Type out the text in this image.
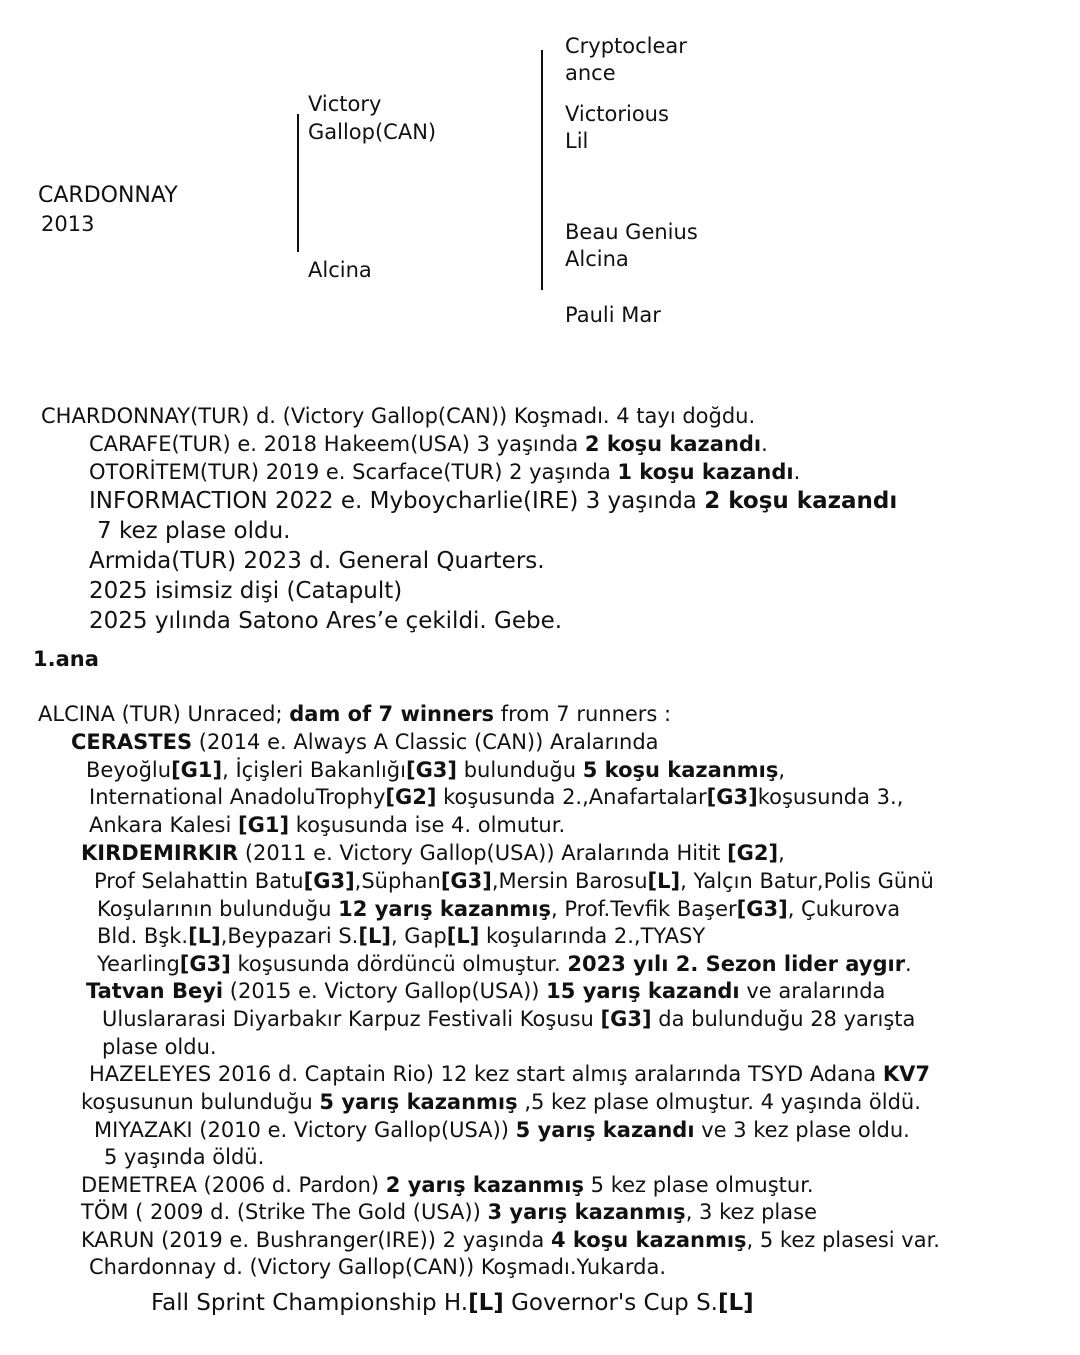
CARDONNAY
2013
Victory
Gallop(CAN)
Alcina
Cryptoclear
ance
Victorious
Lil
Beau Genius
Alcina
Pauli Mar
CHARDONNAY(TUR) d. (Victory Gallop(CAN)) Koşmadı. 4 tayı doğdu.
CARAFE(TUR) e. 2018 Hakeem(USA) 3 yaşında 2 koşu kazandı.
OTORİTEM(TUR) 2019 e. Scarface(TUR) 2 yaşında 1 koşu kazandı.
INFORMACTION 2022 e. Myboycharlie(IRE) 3 yaşında 2 koşu kazandı
7 kez plase oldu.
Armida(TUR) 2023 d. General Quarters.
2025 isimsiz dişi (Catapult)
2025 yılında Satono Ares’e çekildi. Gebe.
1.ana
ALCINA (TUR) Unraced; dam of 7 winners from 7 runners :
CERASTES (2014 e. Always A Classic (CAN)) Aralarında
Beyoğlu[G1], İçişleri Bakanlığı[G3] bulunduğu 5 koşu kazanmış,
International AnadoluTrophy[G2] koşusunda 2.,Anafartalar[G3]koşusunda 3.,
Ankara Kalesi [G1] koşusunda ise 4. olmutur.
KIRDEMIRKIR (2011 e. Victory Gallop(USA)) Aralarında Hitit [G2],
Prof Selahattin Batu[G3],Süphan[G3],Mersin Barosu[L], Yalçın Batur,Polis Günü
Koşularının bulunduğu 12 yarış kazanmış, Prof.Tevfik Başer[G3], Çukurova
Bld. Bşk.[L],Beypazari S.[L], Gap[L] koşularında 2.,TYASY
Yearling[G3] koşusunda dördüncü olmuştur. 2023 yılı 2. Sezon lider aygır.
Tatvan Beyi (2015 e. Victory Gallop(USA)) 15 yarış kazandı ve aralarında
Uluslararasi Diyarbakır Karpuz Festivali Koşusu [G3] da bulunduğu 28 yarışta
plase oldu.
HAZELEYES 2016 d. Captain Rio) 12 kez start almış aralarında TSYD Adana KV7
koşusunun bulunduğu 5 yarış kazanmış ,5 kez plase olmuştur. 4 yaşında öldü.
MIYAZAKI (2010 e. Victory Gallop(USA)) 5 yarış kazandı ve 3 kez plase oldu.
5 yaşında öldü.
DEMETREA (2006 d. Pardon) 2 yarış kazanmış 5 kez plase olmuştur.
TÖM ( 2009 d. (Strike The Gold (USA)) 3 yarış kazanmış, 3 kez plase
KARUN (2019 e. Bushranger(IRE)) 2 yaşında 4 koşu kazanmış, 5 kez plasesi var.
Chardonnay d. (Victory Gallop(CAN)) Koşmadı.Yukarda.
Fall Sprint Championship H.[L] Governor's Cup S.[L]
